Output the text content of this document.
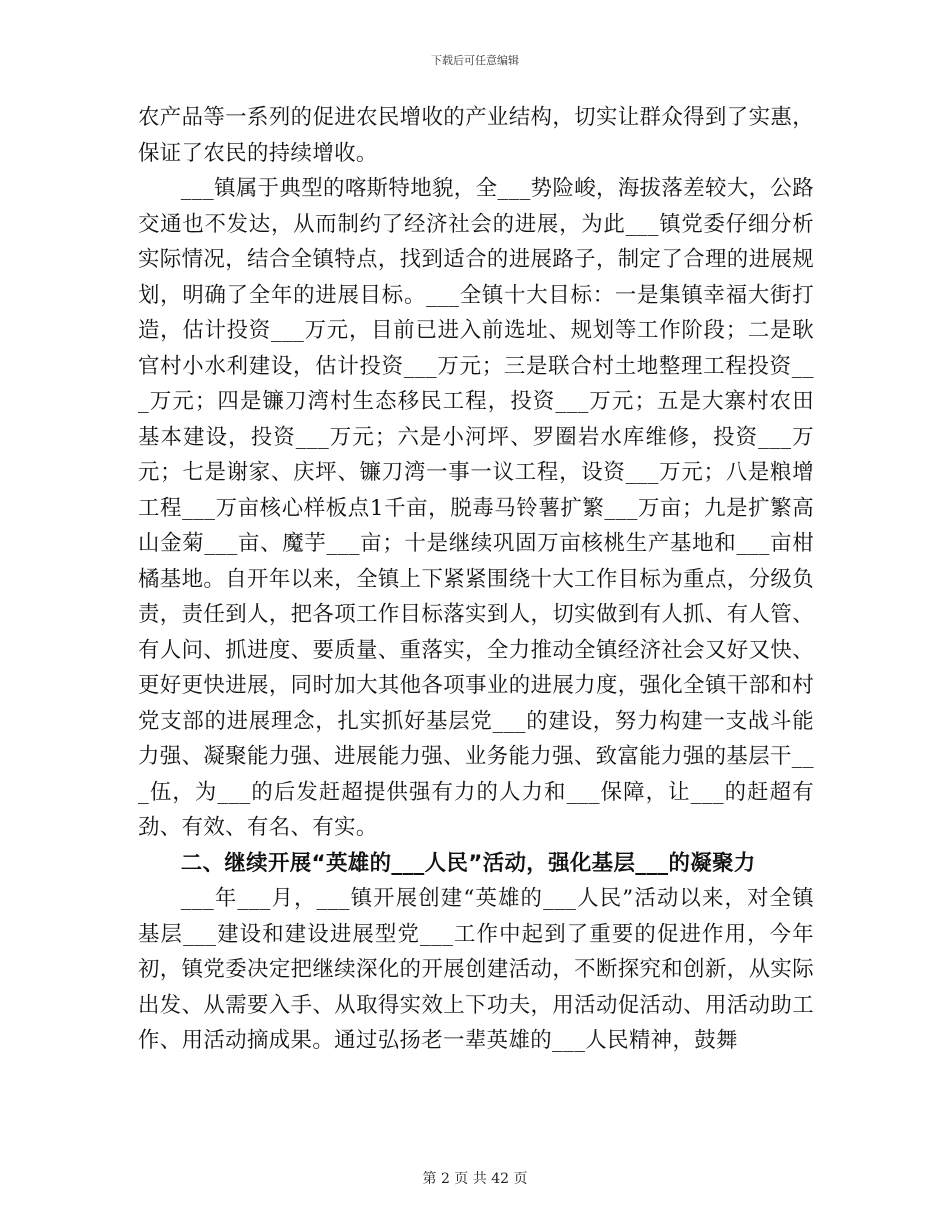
下载后可任意编辑

农产品等一系列的促进农民增收的产业结构，切实让群众得到了实惠，保证了农民的持续增收。

___镇属于典型的喀斯特地貌，全___势险峻，海拔落差较大，公路交通也不发达，从而制约了经济社会的进展，为此___镇党委仔细分析实际情况，结合全镇特点，找到适合的进展路子，制定了合理的进展规划，明确了全年的进展目标。___全镇十大目标：一是集镇幸福大街打造，估计投资___万元，目前已进入前选址、规划等工作阶段；二是耿官村小水利建设，估计投资___万元；三是联合村土地整理工程投资___万元；四是镰刀湾村生态移民工程，投资___万元；五是大寨村农田基本建设，投资___万元；六是小河坪、罗圈岩水库维修，投资___万元；七是谢家、庆坪、镰刀湾一事一议工程，设资___万元；八是粮增工程___万亩核心样板点1千亩，脱毒马铃薯扩繁___万亩；九是扩繁高山金菊___亩、魔芋___亩；十是继续巩固万亩核桃生产基地和___亩柑橘基地。自开年以来，全镇上下紧紧围绕十大工作目标为重点，分级负责，责任到人，把各项工作目标落实到人，切实做到有人抓、有人管、有人问、抓进度、要质量、重落实，全力推动全镇经济社会又好又快、更好更快进展，同时加大其他各项事业的进展力度，强化全镇干部和村党支部的进展理念，扎实抓好基层党___的建设，努力构建一支战斗能力强、凝聚能力强、进展能力强、业务能力强、致富能力强的基层干___伍，为___的后发赶超提供强有力的人力和___保障，让___的赶超有劲、有效、有名、有实。

二、继续开展“英雄的___人民”活动，强化基层___的凝聚力

___年___月，___镇开展创建“英雄的___人民”活动以来，对全镇基层___建设和建设进展型党___工作中起到了重要的促进作用，今年初，镇党委决定把继续深化的开展创建活动，不断探究和创新，从实际出发、从需要入手、从取得实效上下功夫，用活动促活动、用活动助工作、用活动摘成果。通过弘扬老一辈英雄的___人民精神，鼓舞

第 2 页 共 42 页
